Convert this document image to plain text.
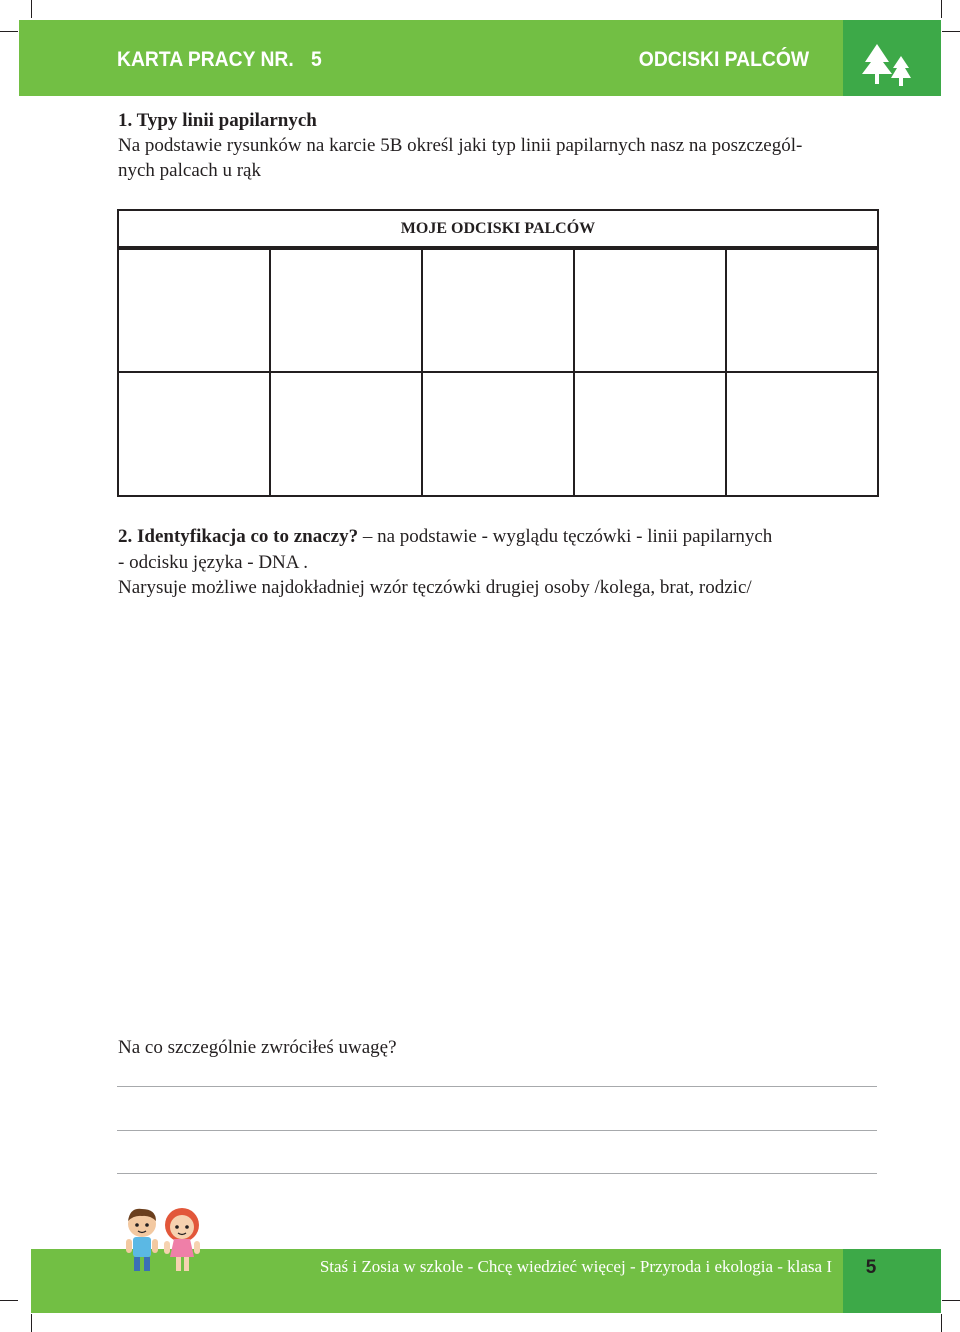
KARTA PRACY NR. 5	ODCISKI PALCÓW
1. Typy linii papilarnych
Na podstawie rysunków na karcie 5B określ jaki typ linii papilarnych nasz na poszczegól-
nych palcach u rąk
MOJE ODCISKI PALCÓW
2. Identyfikacja co to znaczy? – na podstawie - wyglądu tęczówki - linii papilarnych
- odcisku języka - DNA .
Narysuje możliwe najdokładniej wzór tęczówki drugiej osoby /kolega, brat, rodzic/
Na co szczególnie zwróciłeś uwagę?
Staś i Zosia w szkole - Chcę wiedzieć więcej - Przyroda i ekologia - klasa I	5
